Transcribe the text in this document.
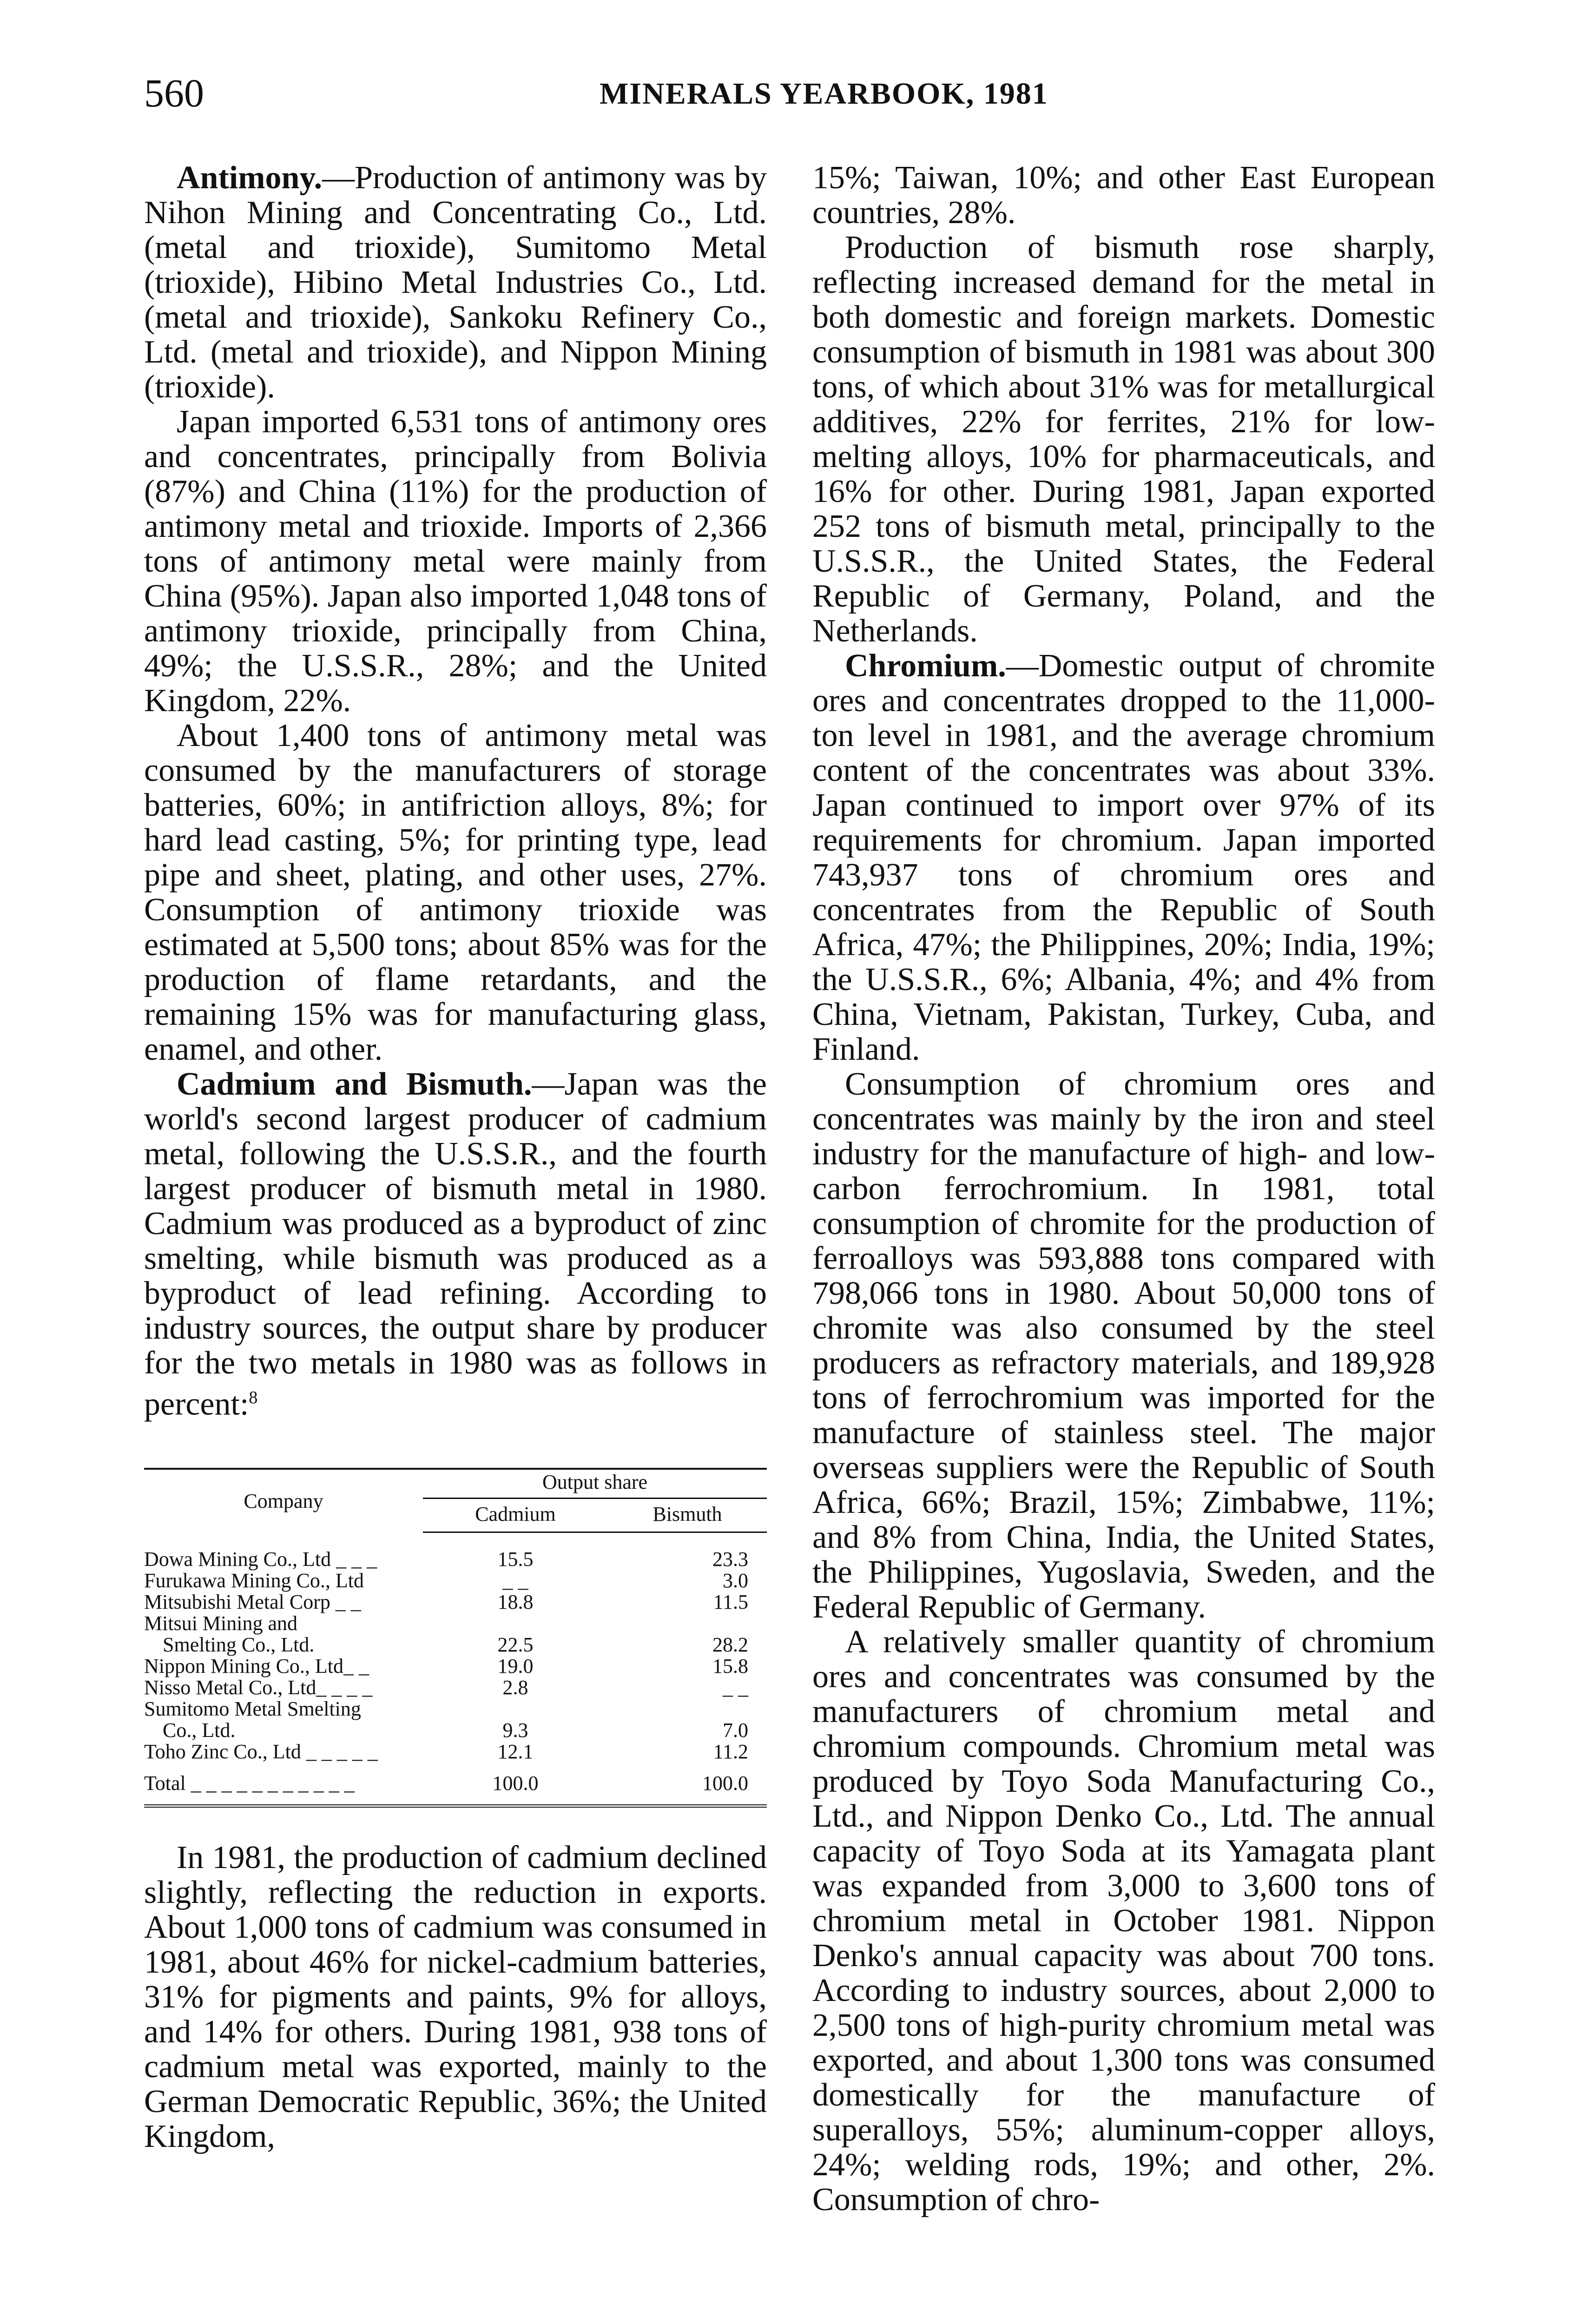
560	MINERALS YEARBOOK, 1981

Antimony.—Production of antimony was by Nihon Mining and Concentrating Co., Ltd. (metal and trioxide), Sumitomo Metal (trioxide), Hibino Metal Industries Co., Ltd. (metal and trioxide), Sankoku Refinery Co., Ltd. (metal and trioxide), and Nippon Mining (trioxide).

Japan imported 6,531 tons of antimony ores and concentrates, principally from Bolivia (87%) and China (11%) for the production of antimony metal and trioxide. Imports of 2,366 tons of antimony metal were mainly from China (95%). Japan also imported 1,048 tons of antimony trioxide, principally from China, 49%; the U.S.S.R., 28%; and the United Kingdom, 22%.

About 1,400 tons of antimony metal was consumed by the manufacturers of storage batteries, 60%; in antifriction alloys, 8%; for hard lead casting, 5%; for printing type, lead pipe and sheet, plating, and other uses, 27%. Consumption of antimony trioxide was estimated at 5,500 tons; about 85% was for the production of flame retardants, and the remaining 15% was for manufacturing glass, enamel, and other.

Cadmium and Bismuth.—Japan was the world's second largest producer of cadmium metal, following the U.S.S.R., and the fourth largest producer of bismuth metal in 1980. Cadmium was produced as a byproduct of zinc smelting, while bismuth was produced as a byproduct of lead refining. According to industry sources, the output share by producer for the two metals in 1980 was as follows in percent:$^8$

Company	Output share	
	Cadmium	Bismuth
Dowa Mining Co., Ltd _ _ _	15.5	23.3
Furukawa Mining Co., Ltd	_ _	3.0
Mitsubishi Metal Corp _ _	18.8	11.5
Mitsui Mining and		
Smelting Co., Ltd.	22.5	28.2
Nippon Mining Co., Ltd_ _	19.0	15.8
Nisso Metal Co., Ltd_ _ _ _	2.8	_ _
Sumitomo Metal Smelting		
Co., Ltd.	9.3	7.0
Toho Zinc Co., Ltd _ _ _ _ _	12.1	11.2
Total _ _ _ _ _ _ _ _ _ _ _	100.0	100.0

In 1981, the production of cadmium declined slightly, reflecting the reduction in exports. About 1,000 tons of cadmium was consumed in 1981, about 46% for nickel-cadmium batteries, 31% for pigments and paints, 9% for alloys, and 14% for others. During 1981, 938 tons of cadmium metal was exported, mainly to the German Democratic Republic, 36%; the United Kingdom,

15%; Taiwan, 10%; and other East European countries, 28%.

Production of bismuth rose sharply, reflecting increased demand for the metal in both domestic and foreign markets. Domestic consumption of bismuth in 1981 was about 300 tons, of which about 31% was for metallurgical additives, 22% for ferrites, 21% for low-melting alloys, 10% for pharmaceuticals, and 16% for other. During 1981, Japan exported 252 tons of bismuth metal, principally to the U.S.S.R., the United States, the Federal Republic of Germany, Poland, and the Netherlands.

Chromium.—Domestic output of chromite ores and concentrates dropped to the 11,000-ton level in 1981, and the average chromium content of the concentrates was about 33%. Japan continued to import over 97% of its requirements for chromium. Japan imported 743,937 tons of chromium ores and concentrates from the Republic of South Africa, 47%; the Philippines, 20%; India, 19%; the U.S.S.R., 6%; Albania, 4%; and 4% from China, Vietnam, Pakistan, Turkey, Cuba, and Finland.

Consumption of chromium ores and concentrates was mainly by the iron and steel industry for the manufacture of high- and low-carbon ferrochromium. In 1981, total consumption of chromite for the production of ferroalloys was 593,888 tons compared with 798,066 tons in 1980. About 50,000 tons of chromite was also consumed by the steel producers as refractory materials, and 189,928 tons of ferrochromium was imported for the manufacture of stainless steel. The major overseas suppliers were the Republic of South Africa, 66%; Brazil, 15%; Zimbabwe, 11%; and 8% from China, India, the United States, the Philippines, Yugoslavia, Sweden, and the Federal Republic of Germany.

A relatively smaller quantity of chromium ores and concentrates was consumed by the manufacturers of chromium metal and chromium compounds. Chromium metal was produced by Toyo Soda Manufacturing Co., Ltd., and Nippon Denko Co., Ltd. The annual capacity of Toyo Soda at its Yamagata plant was expanded from 3,000 to 3,600 tons of chromium metal in October 1981. Nippon Denko's annual capacity was about 700 tons. According to industry sources, about 2,000 to 2,500 tons of high-purity chromium metal was exported, and about 1,300 tons was consumed domestically for the manufacture of superalloys, 55%; aluminum-copper alloys, 24%; welding rods, 19%; and other, 2%. Consumption of chro-
